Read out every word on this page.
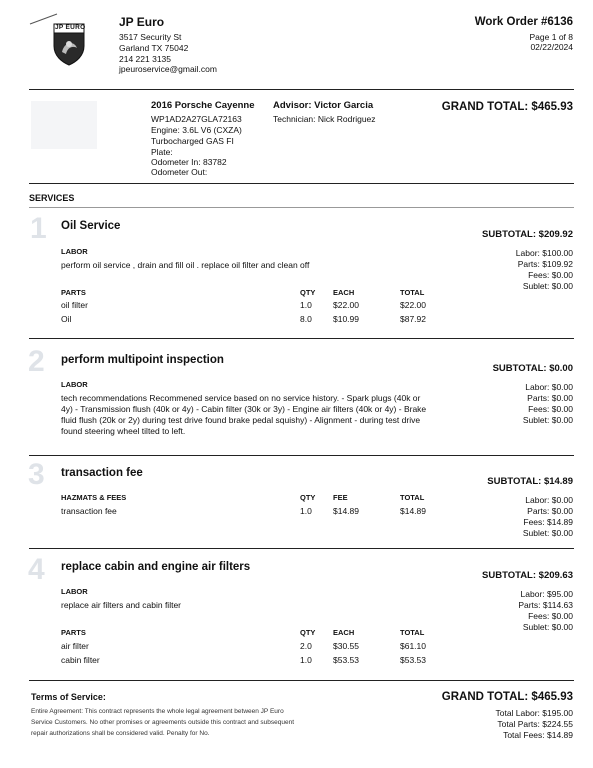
JP EURO	JP Euro
3517 Security St
Garland TX 75042
214 221 3135
jpeuroservice@gmail.com
Work Order #6136
Page 1 of 8
02/22/2024
2016 Porsche Cayenne
WP1AD2A27GLA72163
Engine: 3.6L V6 (CXZA)
Turbocharged GAS FI
Plate:
Odometer In: 83782
Odometer Out:
Advisor: Victor Garcia
Technician: Nick Rodriguez
GRAND TOTAL: $465.93
SERVICES
1 Oil Service
LABOR
perform oil service , drain and fill oil . replace oil filter and clean off
PARTS	QTY EACH	TOTAL
oil filter	1.0 $22.00	$22.00
Oil	8.0 $10.99	$87.92
SUBTOTAL: $209.92
Labor: $100.00
Parts: $109.92
Fees: $0.00
Sublet: $0.00
2 perform multipoint inspection
LABOR
tech recommendations Recommened service based on no service history. - Spark plugs (40k or
4y) - Transmission flush (40k or 4y) - Cabin filter (30k or 3y) - Engine air filters (40k or 4y) - Brake
fluid flush (20k or 2y) during test drive found brake pedal squishy) - Alignment - during test drive
found steering wheel tilted to left.
SUBTOTAL: $0.00
Labor: $0.00
Parts: $0.00
Fees: $0.00
Sublet: $0.00
3 transaction fee
HAZMATS & FEES	QTY FEE	TOTAL
transaction fee	1.0 $14.89	$14.89
SUBTOTAL: $14.89
Labor: $0.00
Parts: $0.00
Fees: $14.89
Sublet: $0.00
4 replace cabin and engine air filters
LABOR
replace air filters and cabin filter
PARTS	QTY EACH	TOTAL
air filter	2.0 $30.55	$61.10
cabin filter	1.0 $53.53	$53.53
SUBTOTAL: $209.63
Labor: $95.00
Parts: $114.63
Fees: $0.00
Sublet: $0.00
Terms of Service:
Entire Agreement: This contract represents the whole legal agreement between JP Euro
Service Customers. No other promises or agreements outside this contract and subsequent
repair authorizations shall be considered valid. Penalty for No.
GRAND TOTAL: $465.93
Total Labor: $195.00
Total Parts: $224.55
Total Fees: $14.89
